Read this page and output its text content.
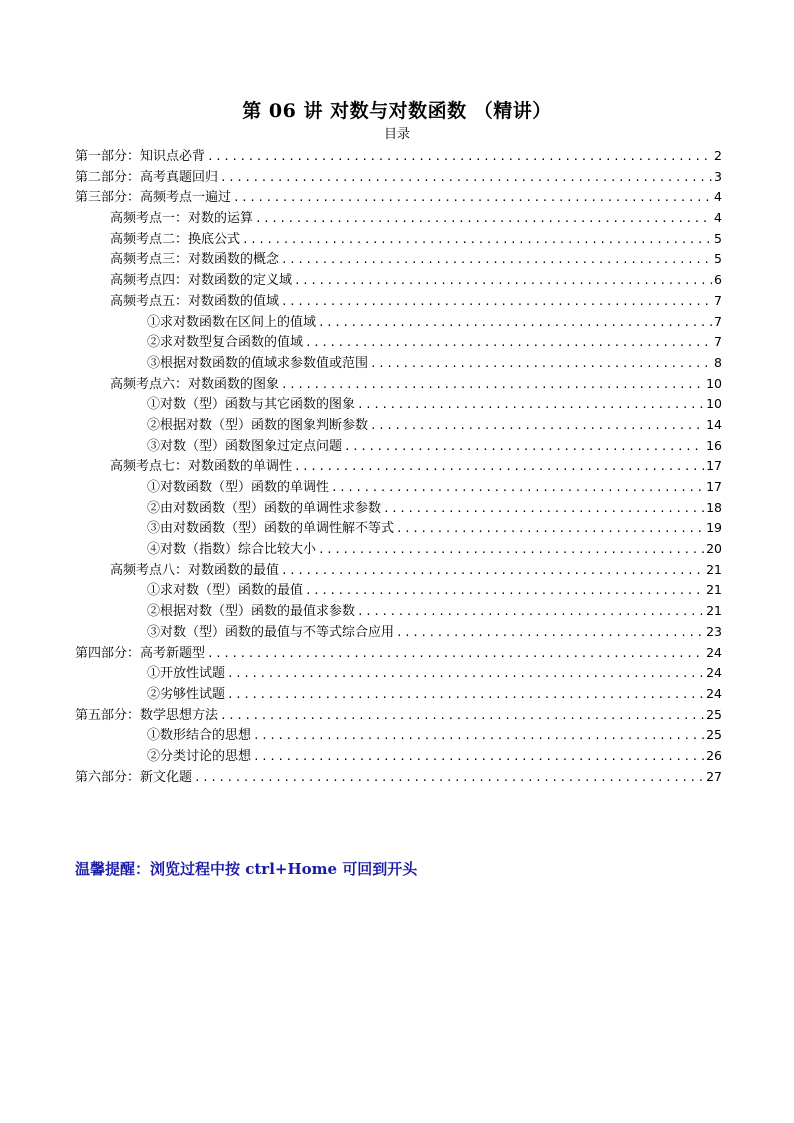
第 06 讲 对数与对数函数 （精讲）
目录
第一部分：知识点必背 .....	2
第二部分：高考真题回归 .....	3
第三部分：高频考点一遍过 .....	4
高频考点一：对数的运算 .....	4
高频考点二：换底公式 .....	5
高频考点三：对数函数的概念 .....	5
高频考点四：对数函数的定义域 .....	6
高频考点五：对数函数的值域 .....	7
①求对数函数在区间上的值域 .....	7
②求对数型复合函数的值域 .....	7
③根据对数函数的值域求参数值或范围 .....	8
高频考点六：对数函数的图象 .....	10
①对数（型）函数与其它函数的图象 .....	10
②根据对数（型）函数的图象判断参数 .....	14
③对数（型）函数图象过定点问题 .....	16
高频考点七：对数函数的单调性 .....	17
①对数函数（型）函数的单调性 .....	17
②由对数函数（型）函数的单调性求参数 .....	18
③由对数函数（型）函数的单调性解不等式 .....	19
④对数（指数）综合比较大小 .....	20
高频考点八：对数函数的最值 .....	21
①求对数（型）函数的最值 .....	21
②根据对数（型）函数的最值求参数 .....	21
③对数（型）函数的最值与不等式综合应用 .....	23
第四部分：高考新题型 .....	24
①开放性试题 .....	24
②劣够性试题 .....	24
第五部分：数学思想方法 .....	25
①数形结合的思想 .....	25
②分类讨论的思想 .....	26
第六部分：新文化题 .....	27
温馨提醒：浏览过程中按 ctrl+Home 可回到开头
